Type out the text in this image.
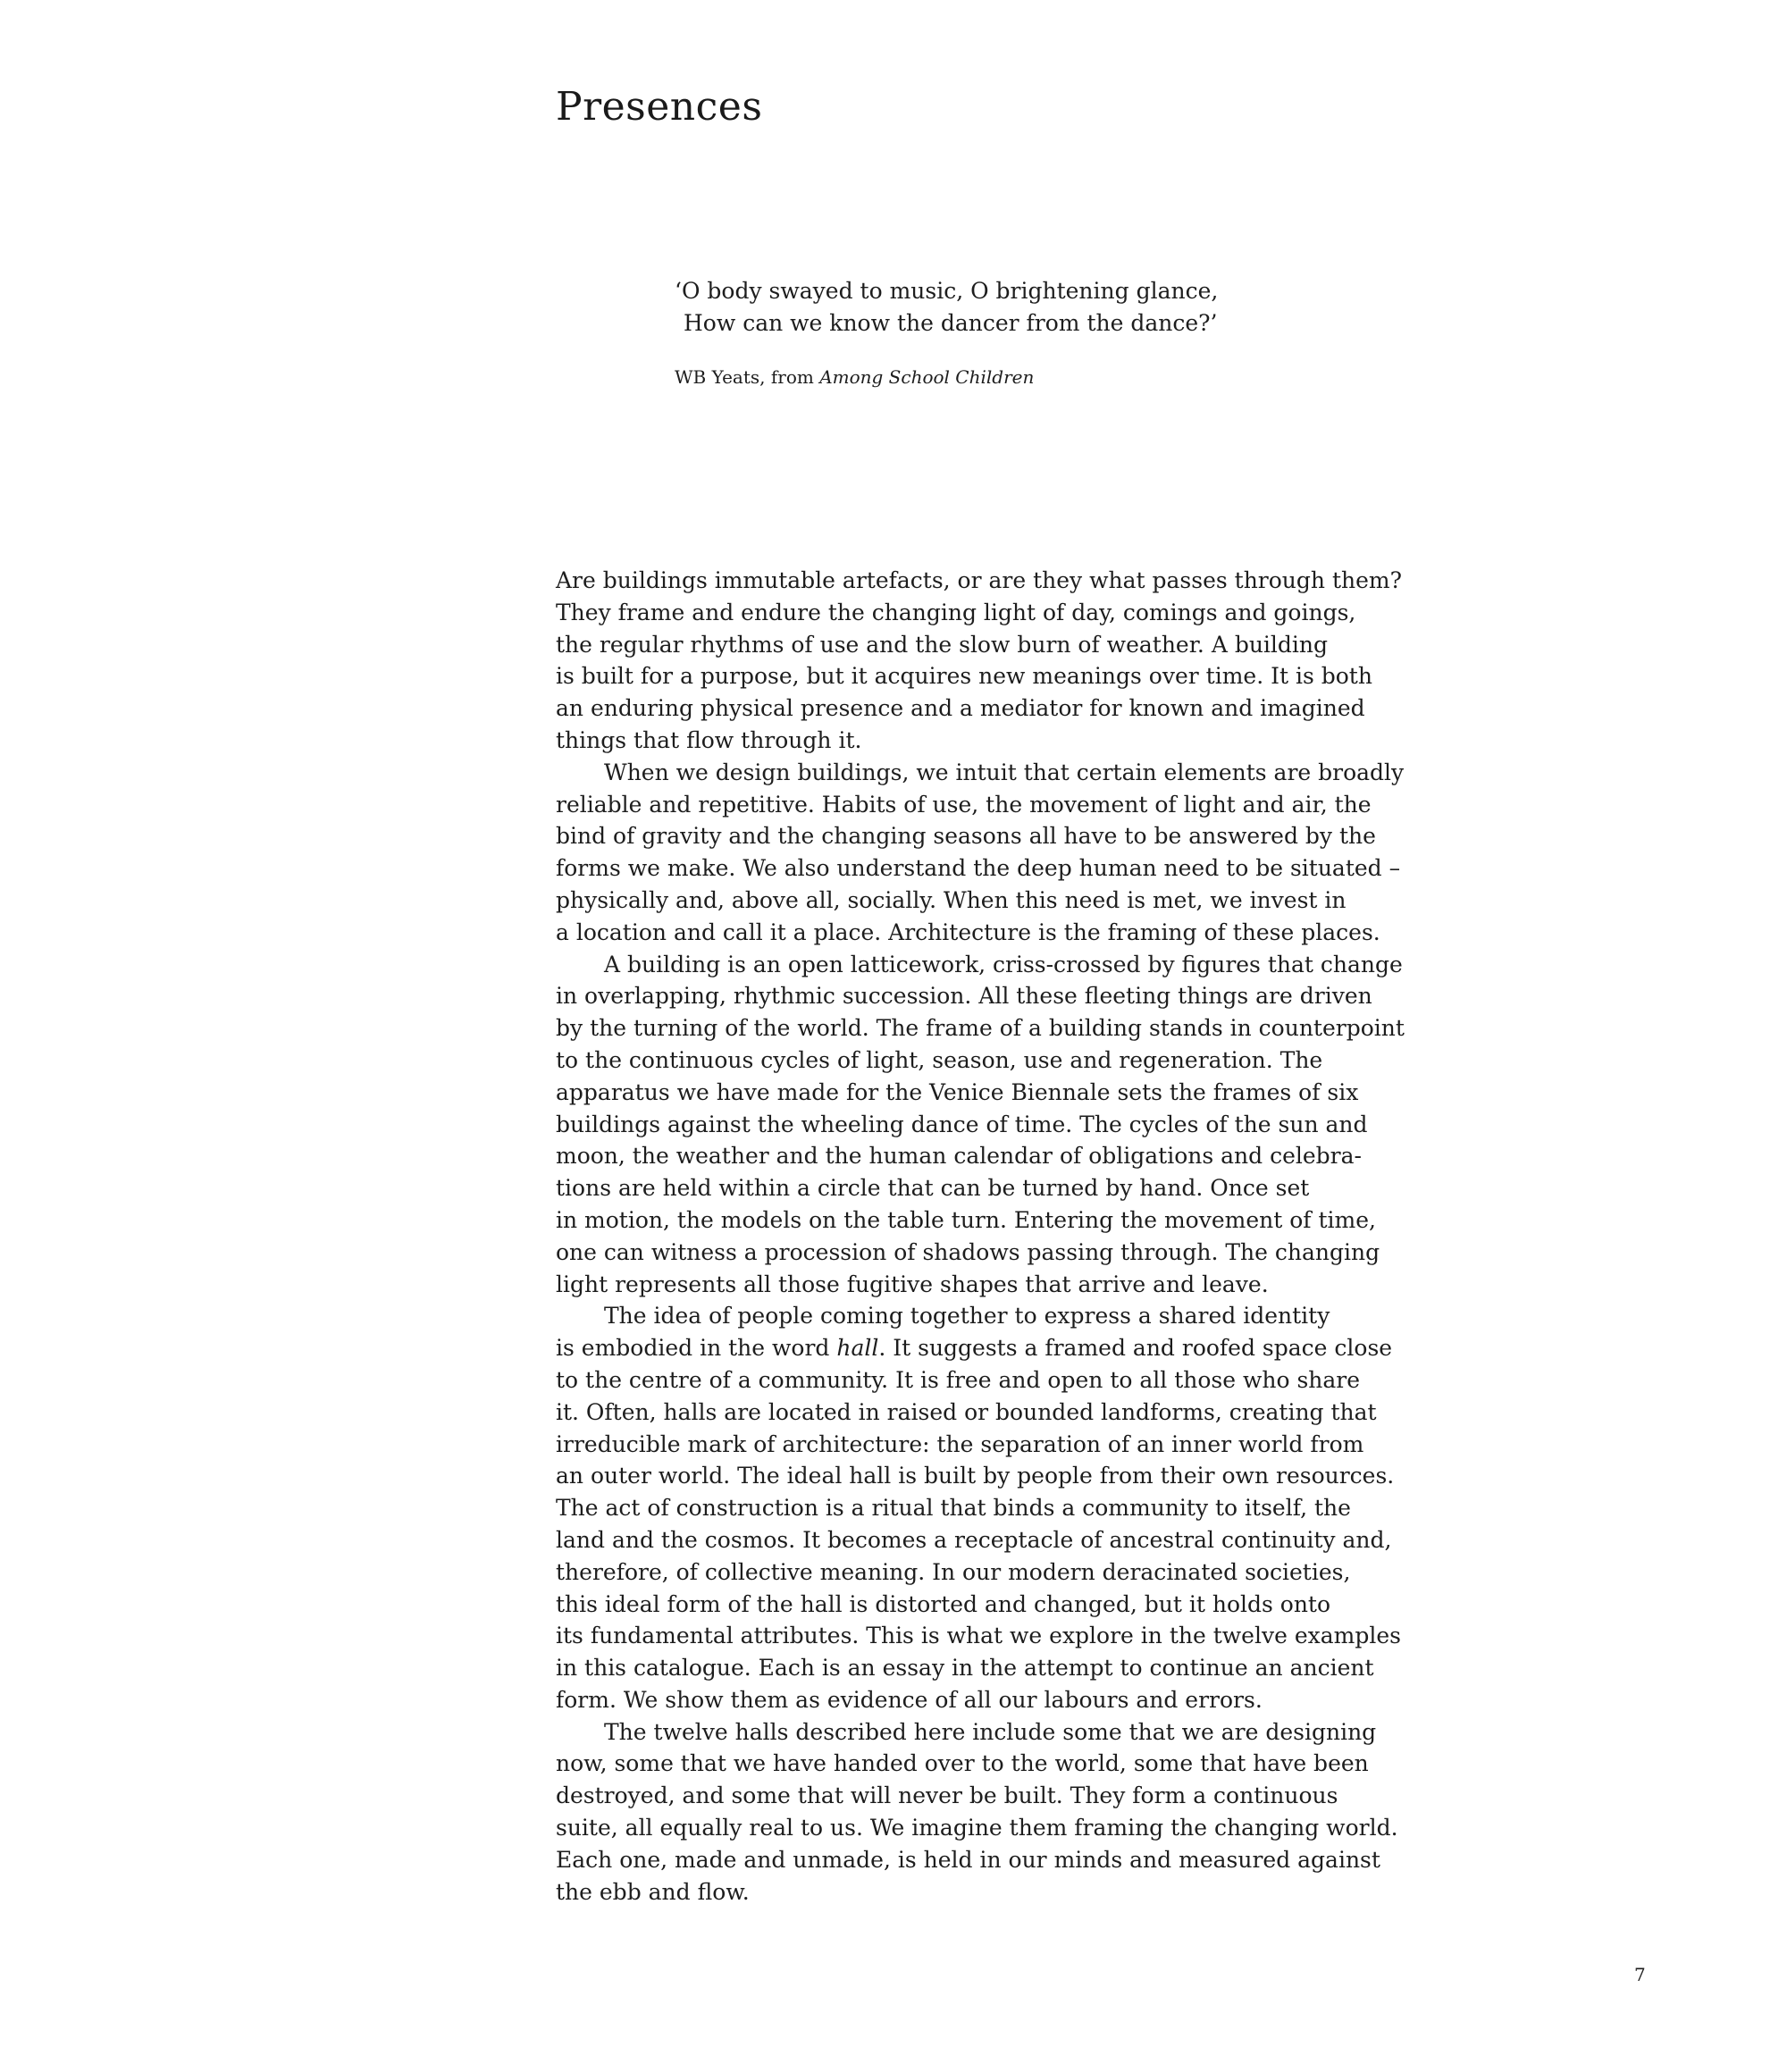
Presences
‘O body swayed to music, O brightening glance,
How can we know the dancer from the dance?’
WB Yeats, from Among School Children

Are buildings immutable artefacts, or are they what passes through them?
They frame and endure the changing light of day, comings and goings,
the regular rhythms of use and the slow burn of weather. A building
is built for a purpose, but it acquires new meanings over time. It is both
an enduring physical presence and a mediator for known and imagined
things that flow through it.

When we design buildings, we intuit that certain elements are broadly
reliable and repetitive. Habits of use, the movement of light and air, the
bind of gravity and the changing seasons all have to be answered by the
forms we make. We also understand the deep human need to be situated –
physically and, above all, socially. When this need is met, we invest in
a location and call it a place. Architecture is the framing of these places.

A building is an open latticework, criss-crossed by figures that change
in overlapping, rhythmic succession. All these fleeting things are driven
by the turning of the world. The frame of a building stands in counterpoint
to the continuous cycles of light, season, use and regeneration. The
apparatus we have made for the Venice Biennale sets the frames of six
buildings against the wheeling dance of time. The cycles of the sun and
moon, the weather and the human calendar of obligations and celebra-
tions are held within a circle that can be turned by hand. Once set
in motion, the models on the table turn. Entering the movement of time,
one can witness a procession of shadows passing through. The changing
light represents all those fugitive shapes that arrive and leave.

The idea of people coming together to express a shared identity
is embodied in the word hall. It suggests a framed and roofed space close
to the centre of a community. It is free and open to all those who share
it. Often, halls are located in raised or bounded landforms, creating that
irreducible mark of architecture: the separation of an inner world from
an outer world. The ideal hall is built by people from their own resources.
The act of construction is a ritual that binds a community to itself, the
land and the cosmos. It becomes a receptacle of ancestral continuity and,
therefore, of collective meaning. In our modern deracinated societies,
this ideal form of the hall is distorted and changed, but it holds onto
its fundamental attributes. This is what we explore in the twelve examples
in this catalogue. Each is an essay in the attempt to continue an ancient
form. We show them as evidence of all our labours and errors.

The twelve halls described here include some that we are designing
now, some that we have handed over to the world, some that have been
destroyed, and some that will never be built. They form a continuous
suite, all equally real to us. We imagine them framing the changing world.
Each one, made and unmade, is held in our minds and measured against
the ebb and flow.

7
